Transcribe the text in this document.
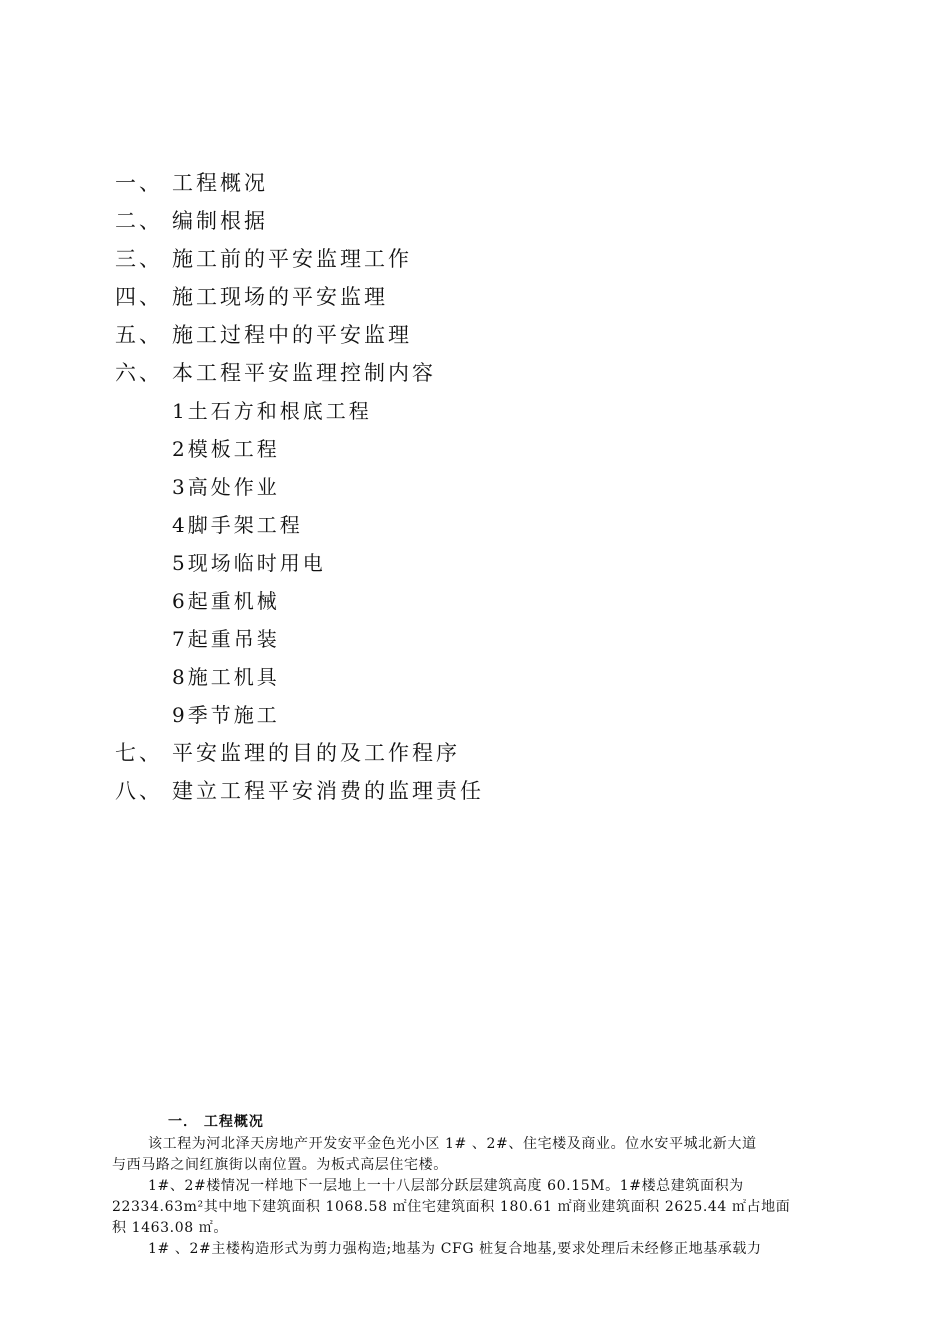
一、 工程概况
二、 编制根据
三、 施工前的平安监理工作
四、 施工现场的平安监理
五、 施工过程中的平安监理
六、 本工程平安监理控制内容
1土石方和根底工程
2模板工程
3高处作业
4脚手架工程
5现场临时用电
6起重机械
7起重吊装
8施工机具
9季节施工
七、 平安监理的目的及工作程序
八、 建立工程平安消费的监理责任
一． 工程概况
该工程为河北泽天房地产开发安平金色光小区 1# 、2#、住宅楼及商业。位水安平城北新大道
与西马路之间红旗街以南位置。为板式高层住宅楼。
1#、2#楼情况一样地下一层地上一十八层部分跃层建筑高度 60.15M。1#楼总建筑面积为
22334.63m²其中地下建筑面积 1068.58 ㎡住宅建筑面积 180.61 ㎡商业建筑面积 2625.44 ㎡占地面
积 1463.08 ㎡。
1# 、2#主楼构造形式为剪力强构造;地基为 CFG 桩复合地基,要求处理后未经修正地基承载力
